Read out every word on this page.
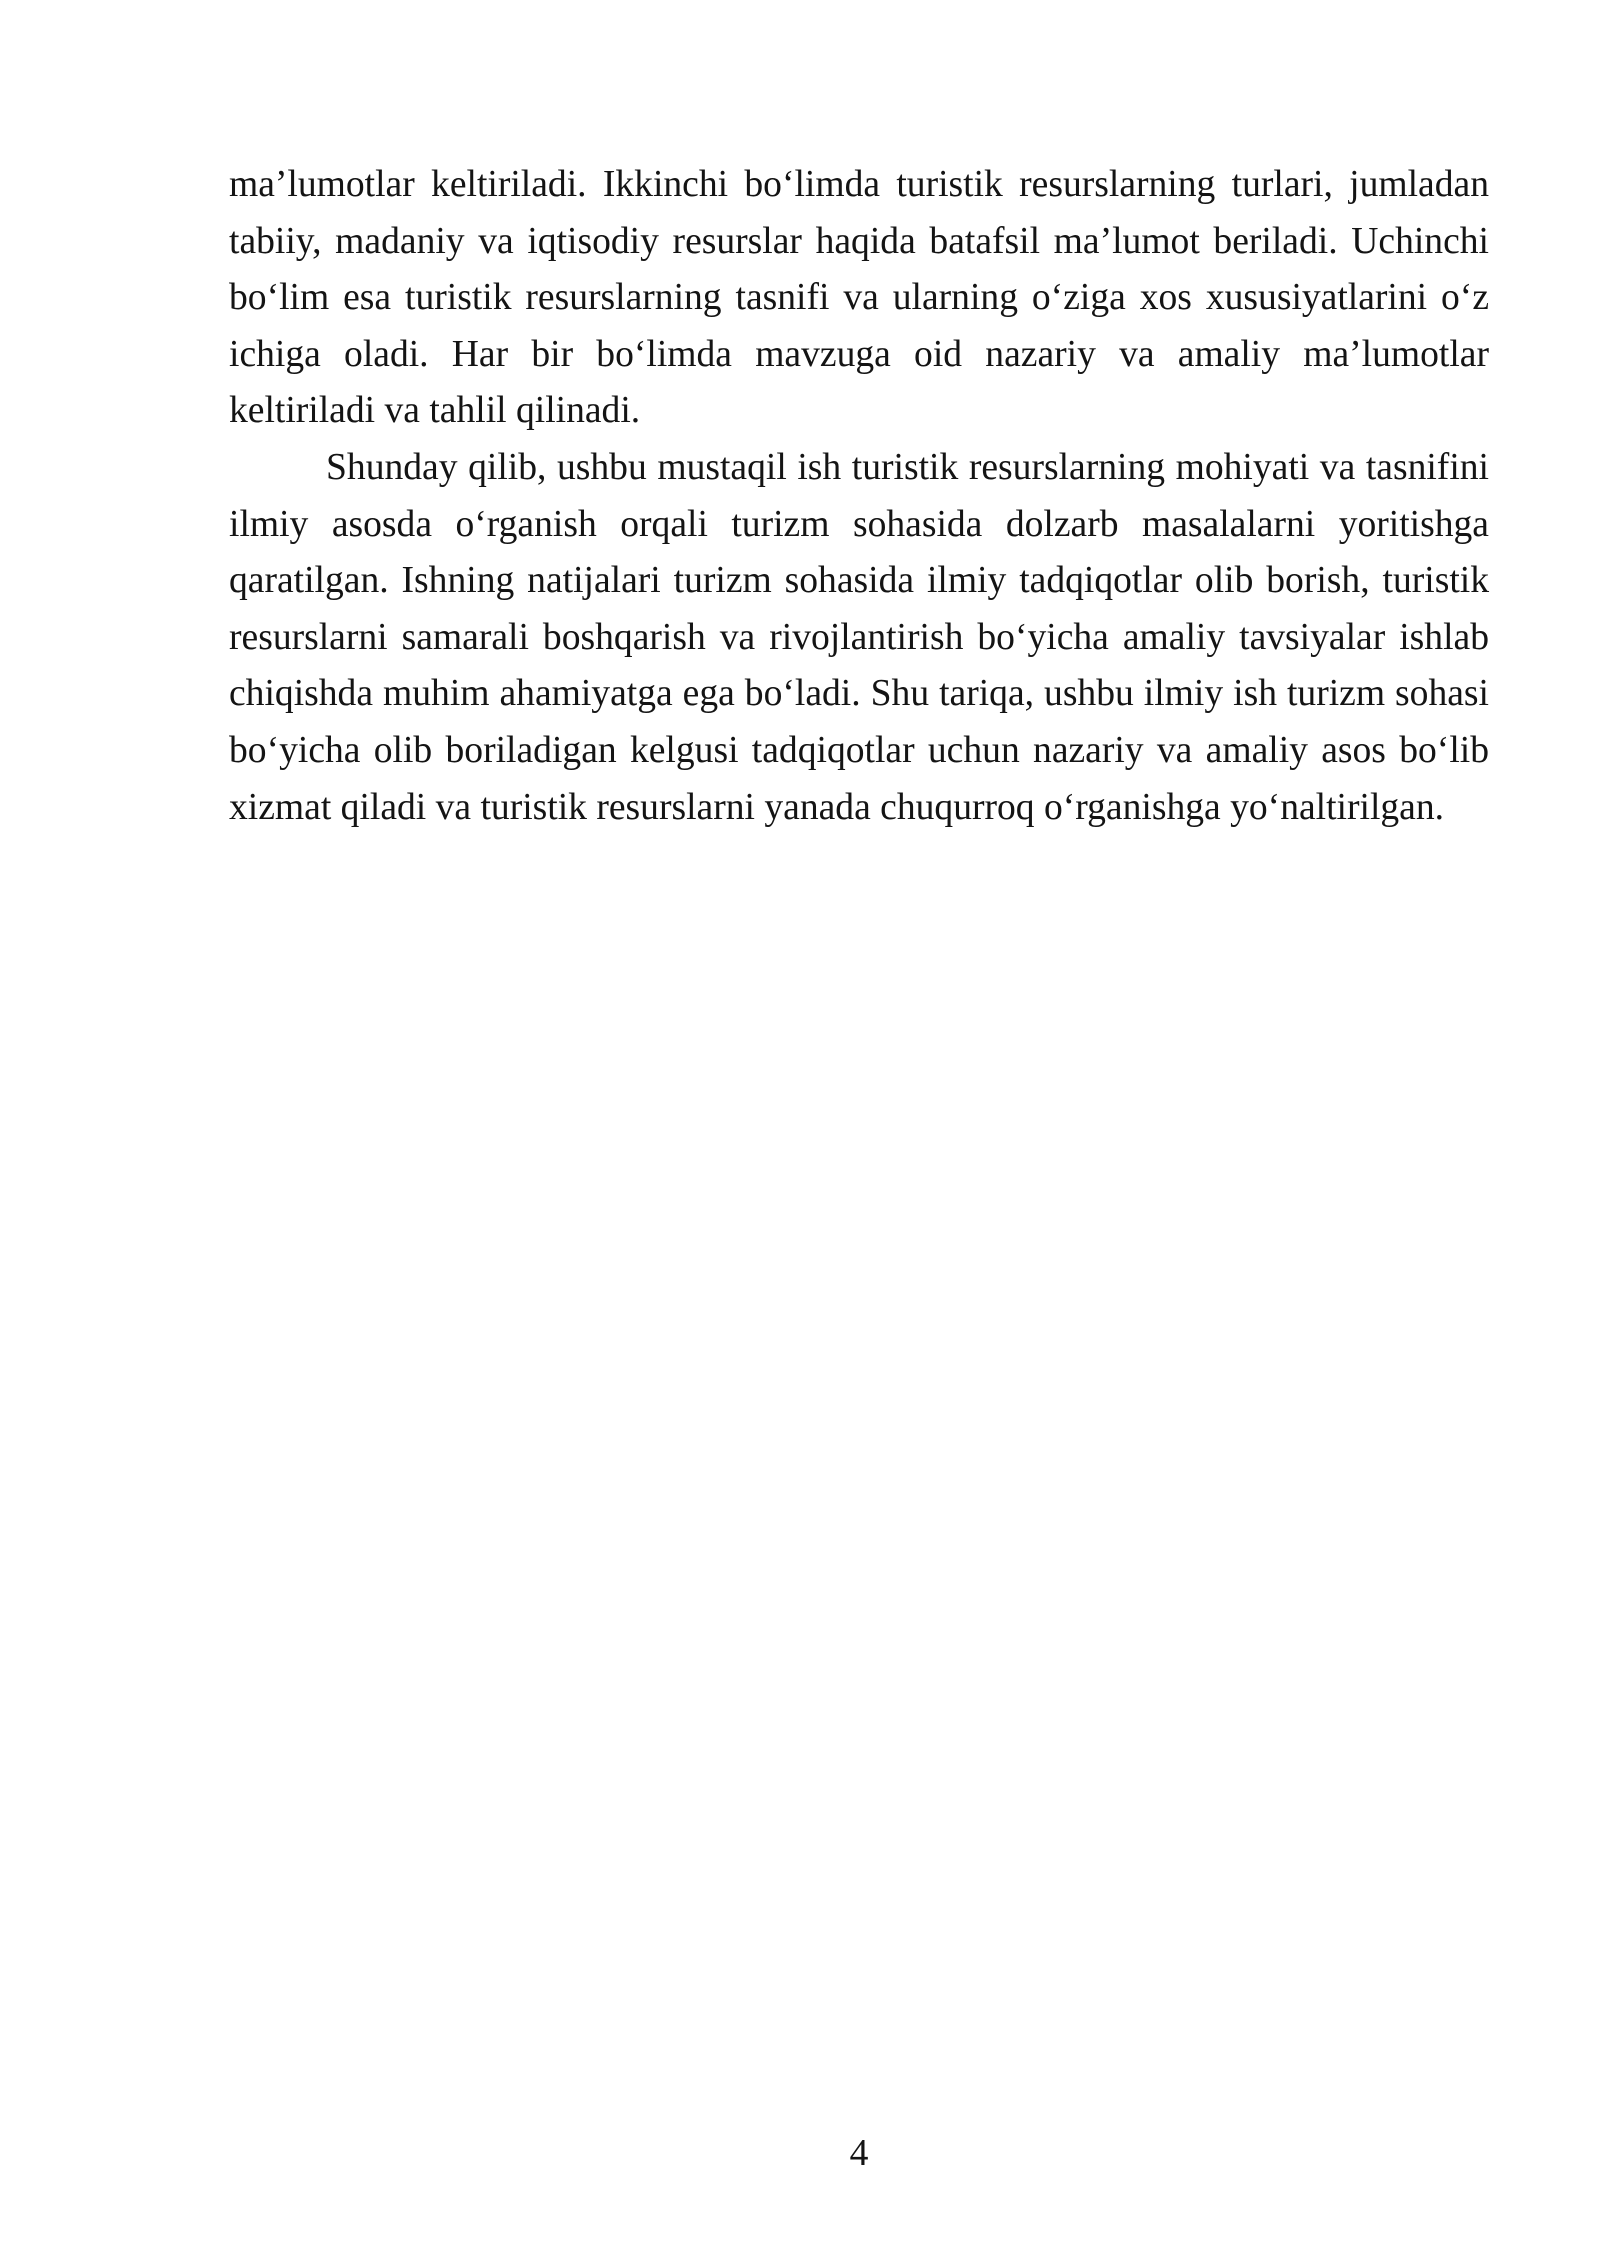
ma’lumotlar keltiriladi. Ikkinchi bo‘limda turistik resurslarning turlari, jumladan
tabiiy, madaniy va iqtisodiy resurslar haqida batafsil ma’lumot beriladi. Uchinchi
bo‘lim esa turistik resurslarning tasnifi va ularning o‘ziga xos xususiyatlarini o‘z
ichiga oladi. Har bir bo‘limda mavzuga oid nazariy va amaliy ma’lumotlar
keltiriladi va tahlil qilinadi.
Shunday qilib, ushbu mustaqil ish turistik resurslarning mohiyati va tasnifini
ilmiy asosda o‘rganish orqali turizm sohasida dolzarb masalalarni yoritishga
qaratilgan. Ishning natijalari turizm sohasida ilmiy tadqiqotlar olib borish, turistik
resurslarni samarali boshqarish va rivojlantirish bo‘yicha amaliy tavsiyalar ishlab
chiqishda muhim ahamiyatga ega bo‘ladi. Shu tariqa, ushbu ilmiy ish turizm sohasi
bo‘yicha olib boriladigan kelgusi tadqiqotlar uchun nazariy va amaliy asos bo‘lib
xizmat qiladi va turistik resurslarni yanada chuqurroq o‘rganishga yo‘naltirilgan.
4
